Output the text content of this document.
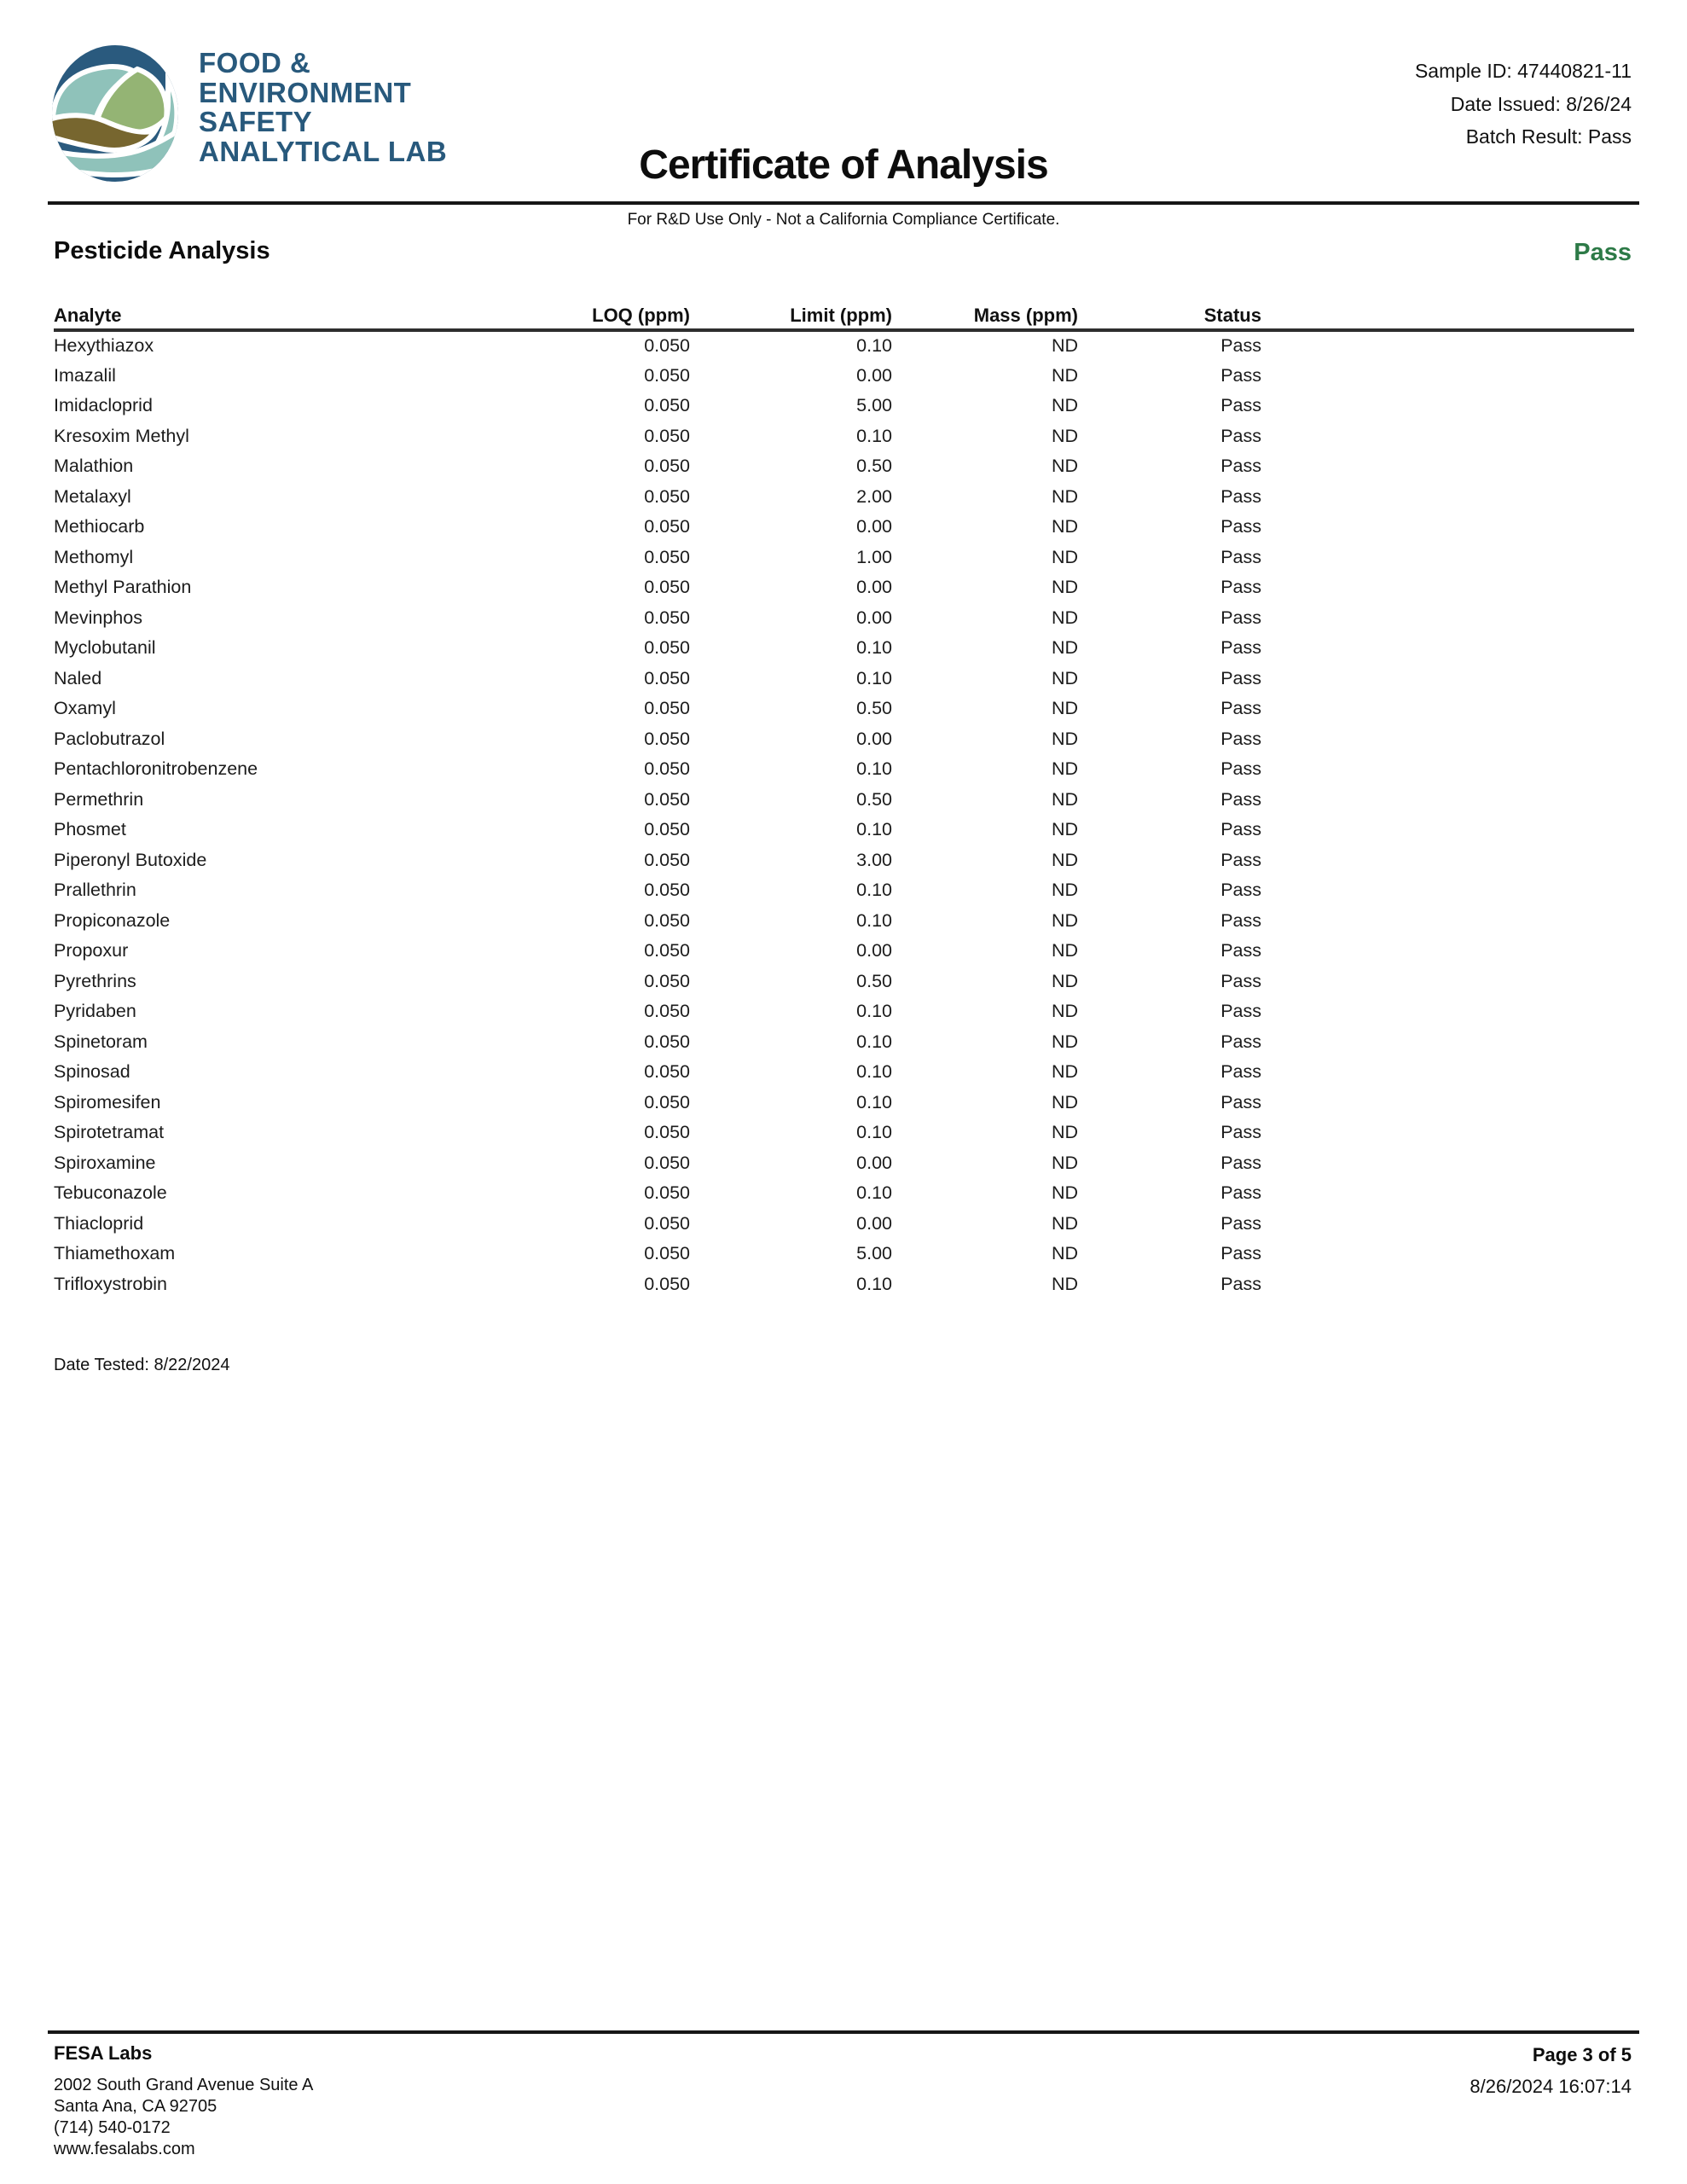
FOOD &
ENVIRONMENT
SAFETY
ANALYTICAL LAB
Sample ID: 47440821-11
Date Issued: 8/26/24
Batch Result: Pass
Certificate of Analysis
For R&D Use Only - Not a California Compliance Certificate.
Pesticide Analysis	Pass
Analyte	LOQ (ppm)	Limit (ppm)	Mass (ppm)	Status	
Hexythiazox	0.050	0.10	ND	Pass	
Imazalil	0.050	0.00	ND	Pass	
Imidacloprid	0.050	5.00	ND	Pass	
Kresoxim Methyl	0.050	0.10	ND	Pass	
Malathion	0.050	0.50	ND	Pass	
Metalaxyl	0.050	2.00	ND	Pass	
Methiocarb	0.050	0.00	ND	Pass	
Methomyl	0.050	1.00	ND	Pass	
Methyl Parathion	0.050	0.00	ND	Pass	
Mevinphos	0.050	0.00	ND	Pass	
Myclobutanil	0.050	0.10	ND	Pass	
Naled	0.050	0.10	ND	Pass	
Oxamyl	0.050	0.50	ND	Pass	
Paclobutrazol	0.050	0.00	ND	Pass	
Pentachloronitrobenzene	0.050	0.10	ND	Pass	
Permethrin	0.050	0.50	ND	Pass	
Phosmet	0.050	0.10	ND	Pass	
Piperonyl Butoxide	0.050	3.00	ND	Pass	
Prallethrin	0.050	0.10	ND	Pass	
Propiconazole	0.050	0.10	ND	Pass	
Propoxur	0.050	0.00	ND	Pass	
Pyrethrins	0.050	0.50	ND	Pass	
Pyridaben	0.050	0.10	ND	Pass	
Spinetoram	0.050	0.10	ND	Pass	
Spinosad	0.050	0.10	ND	Pass	
Spiromesifen	0.050	0.10	ND	Pass	
Spirotetramat	0.050	0.10	ND	Pass	
Spiroxamine	0.050	0.00	ND	Pass	
Tebuconazole	0.050	0.10	ND	Pass	
Thiacloprid	0.050	0.00	ND	Pass	
Thiamethoxam	0.050	5.00	ND	Pass	
Trifloxystrobin	0.050	0.10	ND	Pass	
Date Tested: 8/22/2024
FESA Labs
2002 South Grand Avenue Suite A
Santa Ana, CA 92705
(714) 540-0172
www.fesalabs.com
Page 3 of 5
8/26/2024 16:07:14
